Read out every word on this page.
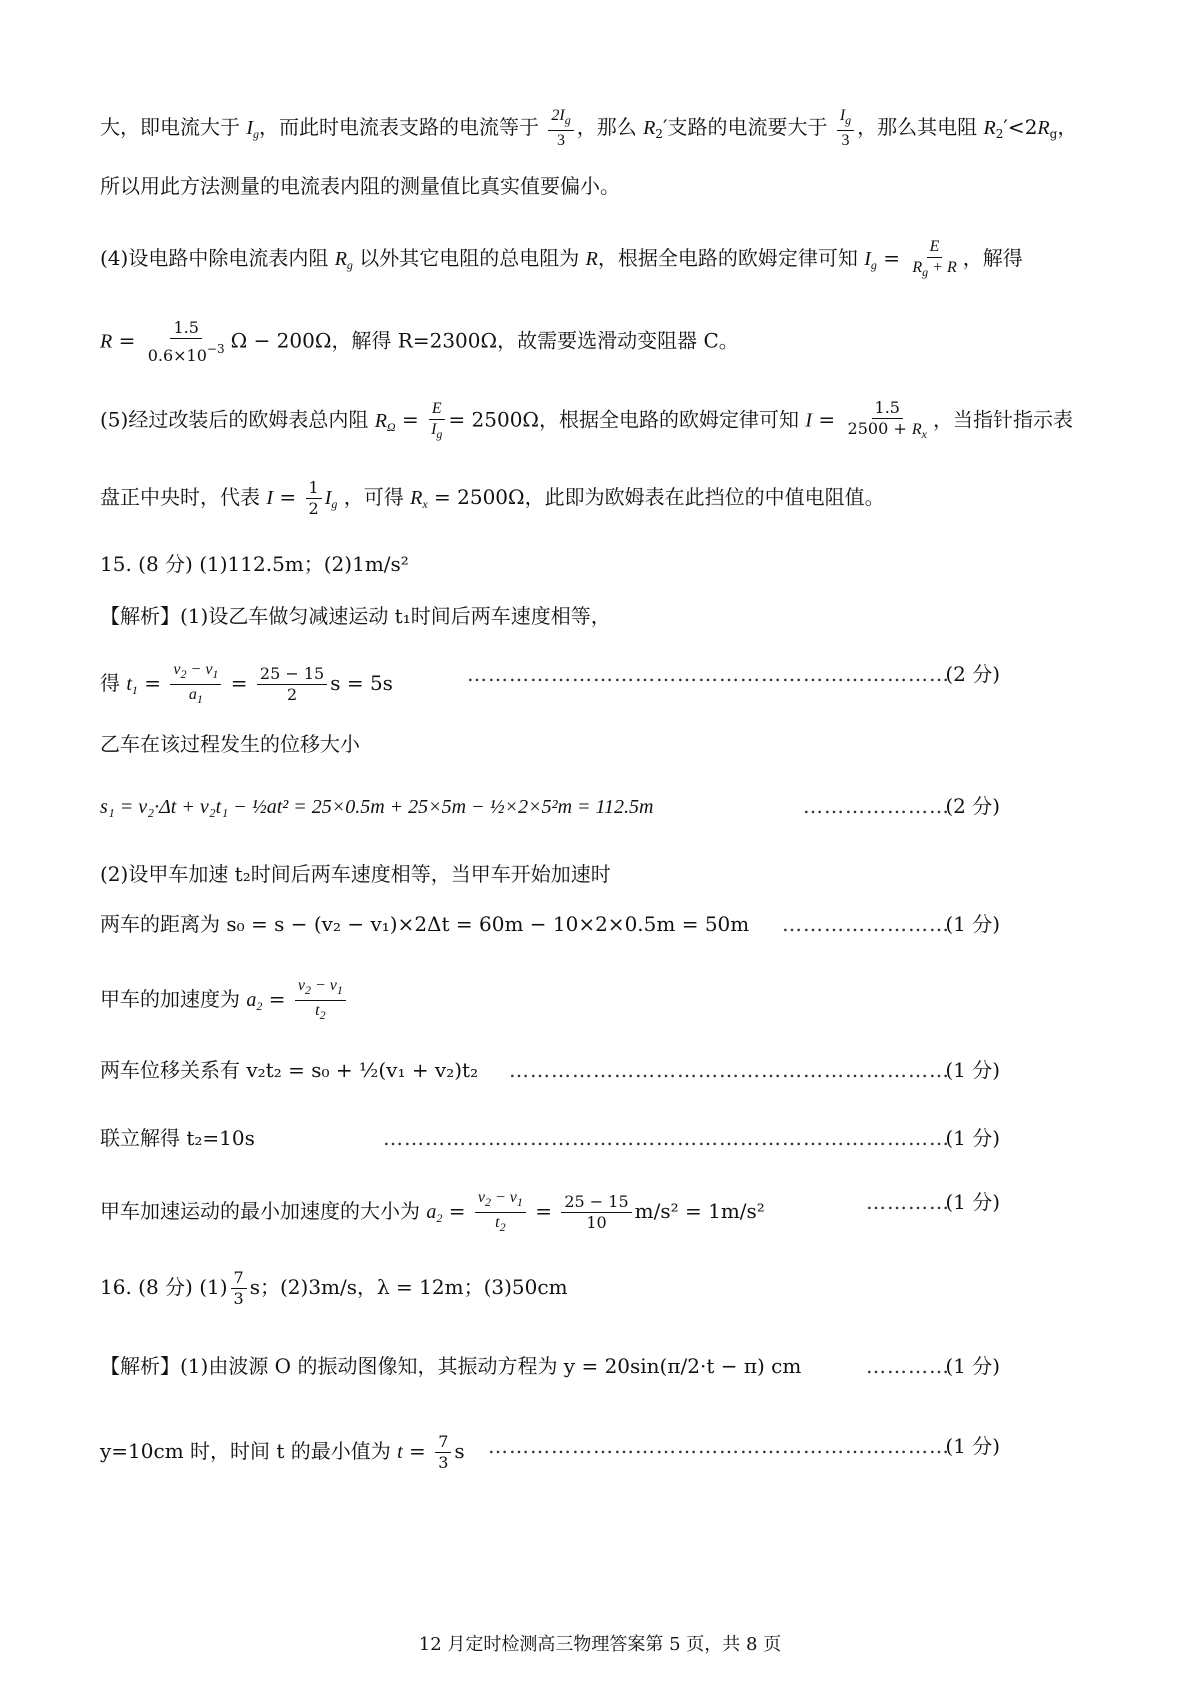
大，即电流大于 $I_g$，而此时电流表支路的电流等于 $\frac{2I_g}{3}$ ，那么 $R_2'$支路的电流要大于 $\frac{I_g}{3}$ ，那么其电阻 $R_2'<2R_g$，
所以用此方法测量的电流表内阻的测量值比真实值要偏小。
(4)设电路中除电流表内阻 $R_g$ 以外其它电阻的总电阻为 R，根据全电路的欧姆定律可知 $I_g = \frac{E}{R_g + R}$ ，解得
$R = \frac{1.5}{0.6\times 10^{-3}}$ Ω − 200Ω，解得 R=2300Ω，故需要选滑动变阻器 C。
(5)经过改装后的欧姆表总内阻 $R_\Omega = \frac{E}{I_g} = 2500\Omega$，根据全电路的欧姆定律可知 $I = \frac{1.5}{2500 + R_x}$ ，当指针指示表
盘正中央时，代表 $I = \frac{1}{2} I_g$ ，可得 $R_x = 2500\Omega$，此即为欧姆表在此挡位的中值电阻值。
15. (8 分) (1)112.5m；(2)1m/s²
【解析】(1)设乙车做匀减速运动 t₁时间后两车速度相等，
得 $t_1 = \frac{v_2 - v_1}{a_1} = \frac{25 - 15}{2}$ s = 5s	……………………………………………………………
(2 分)
乙车在该过程发生的位移大小
s₁ = v₂·Δt + v₂t₁ − ½at² = 25×0.5m + 25×5m − ½×2×5²m = 112.5m	…………………
(2 分)
(2)设甲车加速 t₂时间后两车速度相等，当甲车开始加速时
两车的距离为 s₀ = s − (v₂ − v₁)×2Δt = 60m − 10×2×0.5m = 50m ……………………
(1 分)
甲车的加速度为 $a_2 = \frac{v_2 - v_1}{t_2}$
两车位移关系有 v₂t₂ = s₀ + ½(v₁ + v₂)t₂ ………………………………………………………
(1 分)
联立解得 t₂=10s	………………………………………………………………………
(1 分)
甲车加速运动的最小加速度的大小为 $a_2 = \frac{v_2 - v_1}{t_2} = \frac{25 - 15}{10} m/s^2 = 1m/s^2$	…………
(1 分)
16. (8 分) $(1) \frac{7}{3}$ s；(2)3m/s，λ = 12m；(3)50cm
【解析】(1)由波源 O 的振动图像知，其振动方程为 y = 20sin(π/2·t − π) cm	…………
(1 分)
y=10cm 时，时间 t 的最小值为 $t = \frac{7}{3}$ s …………………………………………………………
(1 分)
12 月定时检测高三物理答案第 5 页，共 8 页
